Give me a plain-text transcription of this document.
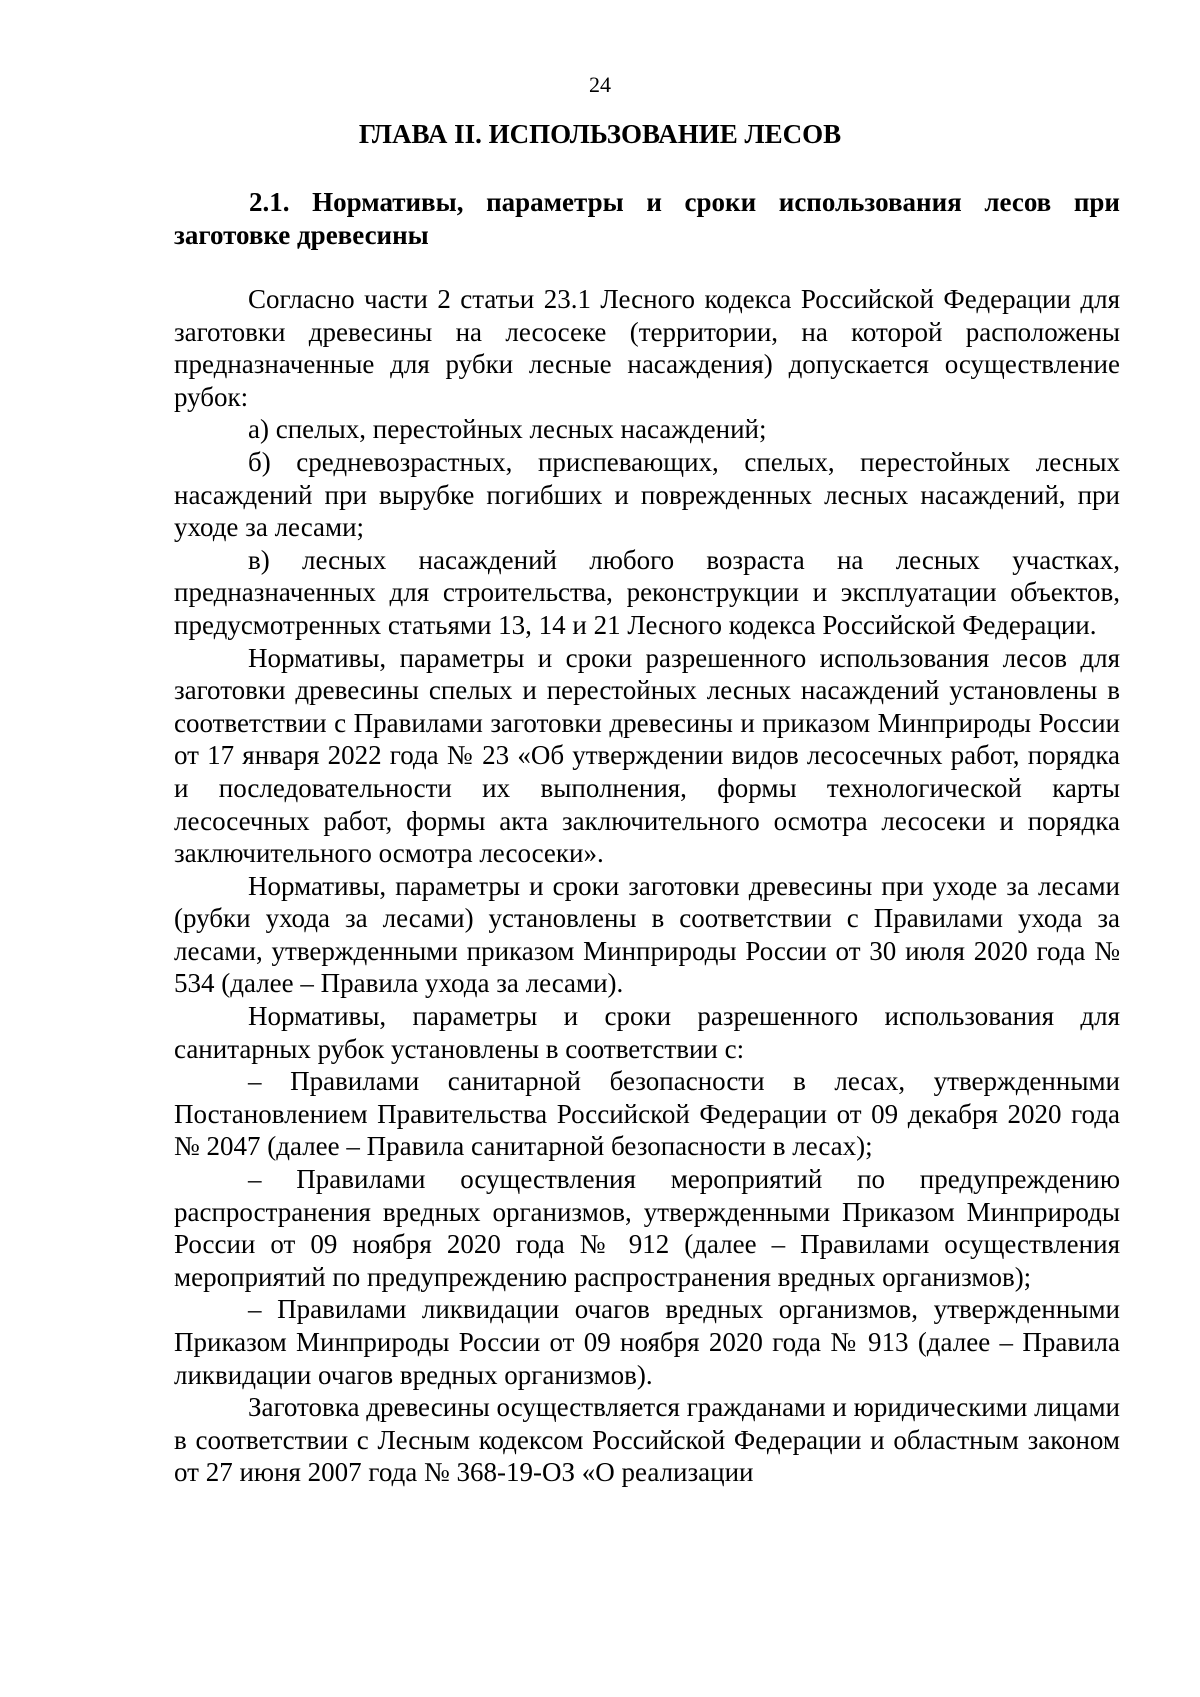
24
ГЛАВА II. ИСПОЛЬЗОВАНИЕ ЛЕСОВ
2.1. Нормативы, параметры и сроки использования лесов при заготовке древесины

Согласно части 2 статьи 23.1 Лесного кодекса Российской Федерации для заготовки древесины на лесосеке (территории, на которой расположены предназначенные для рубки лесные насаждения) допускается осуществление рубок:

а) спелых, перестойных лесных насаждений;

б) средневозрастных, приспевающих, спелых, перестойных лесных насаждений при вырубке погибших и поврежденных лесных насаждений, при уходе за лесами;

в) лесных насаждений любого возраста на лесных участках, предназначенных для строительства, реконструкции и эксплуатации объектов, предусмотренных статьями 13, 14 и 21 Лесного кодекса Российской Федерации.

Нормативы, параметры и сроки разрешенного использования лесов для заготовки древесины спелых и перестойных лесных насаждений установлены в соответствии с Правилами заготовки древесины и приказом Минприроды России от 17 января 2022 года № 23 «Об утверждении видов лесосечных работ, порядка и последовательности их выполнения, формы технологической карты лесосечных работ, формы акта заключительного осмотра лесосеки и порядка заключительного осмотра лесосеки».

Нормативы, параметры и сроки заготовки древесины при уходе за лесами (рубки ухода за лесами) установлены в соответствии с Правилами ухода за лесами, утвержденными приказом Минприроды России от 30 июля 2020 года № 534 (далее – Правила ухода за лесами).

Нормативы, параметры и сроки разрешенного использования для санитарных рубок установлены в соответствии с:

‒ Правилами санитарной безопасности в лесах, утвержденными Постановлением Правительства Российской Федерации от 09 декабря 2020 года № 2047 (далее – Правила санитарной безопасности в лесах);

‒ Правилами осуществления мероприятий по предупреждению распространения вредных организмов, утвержденными Приказом Минприроды России от 09 ноября 2020 года № 912 (далее – Правилами осуществления мероприятий по предупреждению распространения вредных организмов);

‒ Правилами ликвидации очагов вредных организмов, утвержденными Приказом Минприроды России от 09 ноября 2020 года № 913 (далее – Правила ликвидации очагов вредных организмов).

Заготовка древесины осуществляется гражданами и юридическими лицами в соответствии с Лесным кодексом Российской Федерации и областным законом от 27 июня 2007 года № 368-19-ОЗ «О реализации
